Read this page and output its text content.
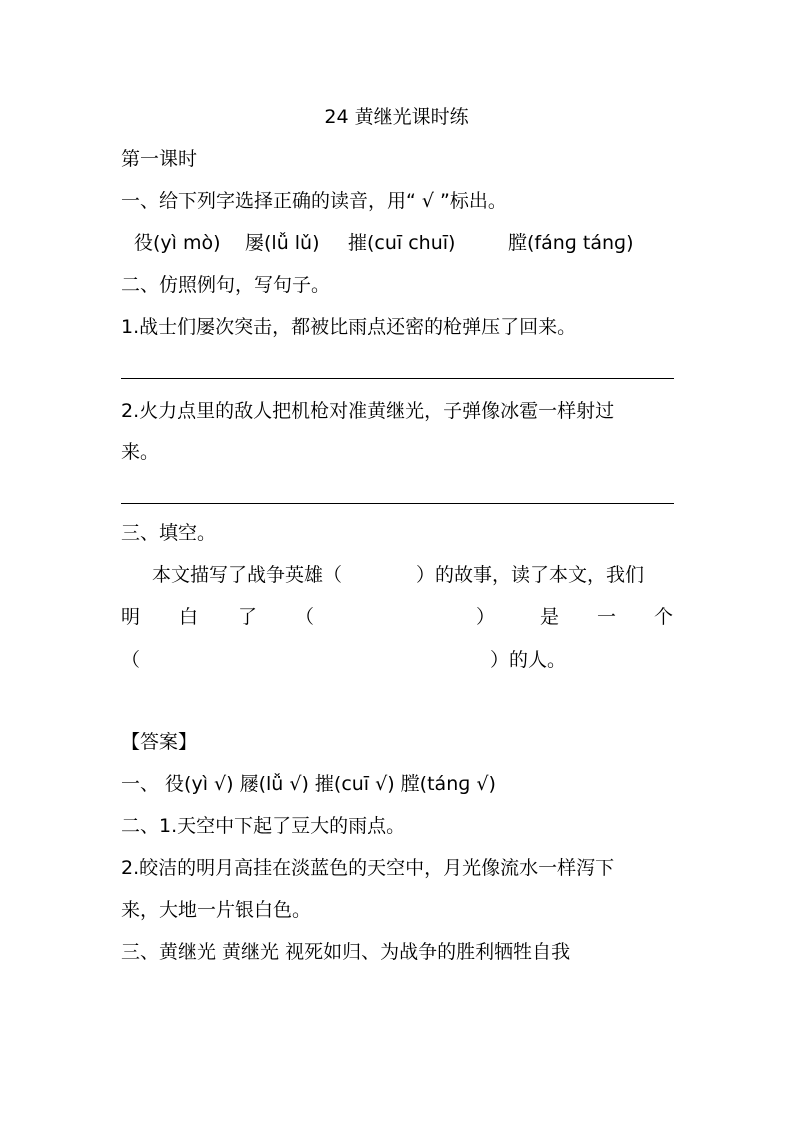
24 黄继光课时练
第一课时
一、给下列字选择正确的读音，用“ √ ”标出。
役(yì mò) 屡(lǚ lǔ) 摧(cuī chuī)	膛(fánɡ tánɡ)
二、仿照例句，写句子。
1.战士们屡次突击，都被比雨点还密的枪弹压了回来。
2.火力点里的敌人把机枪对准黄继光，子弹像冰雹一样射过
来。
三、填空。
本文描写了战争英雄（	）的故事，读了本文，我们
明 白 了 （	） 是 一 个
（	）的人。
【答案】
一、 役(yì √) 屦(lǚ √) 摧(cuī √) 膛(tánɡ √)
二、1.天空中下起了豆大的雨点。
2.皎洁的明月高挂在淡蓝色的天空中，月光像流水一样泻下
来，大地一片银白色。
三、黄继光 黄继光 视死如归、为战争的胜利牺牲自我
